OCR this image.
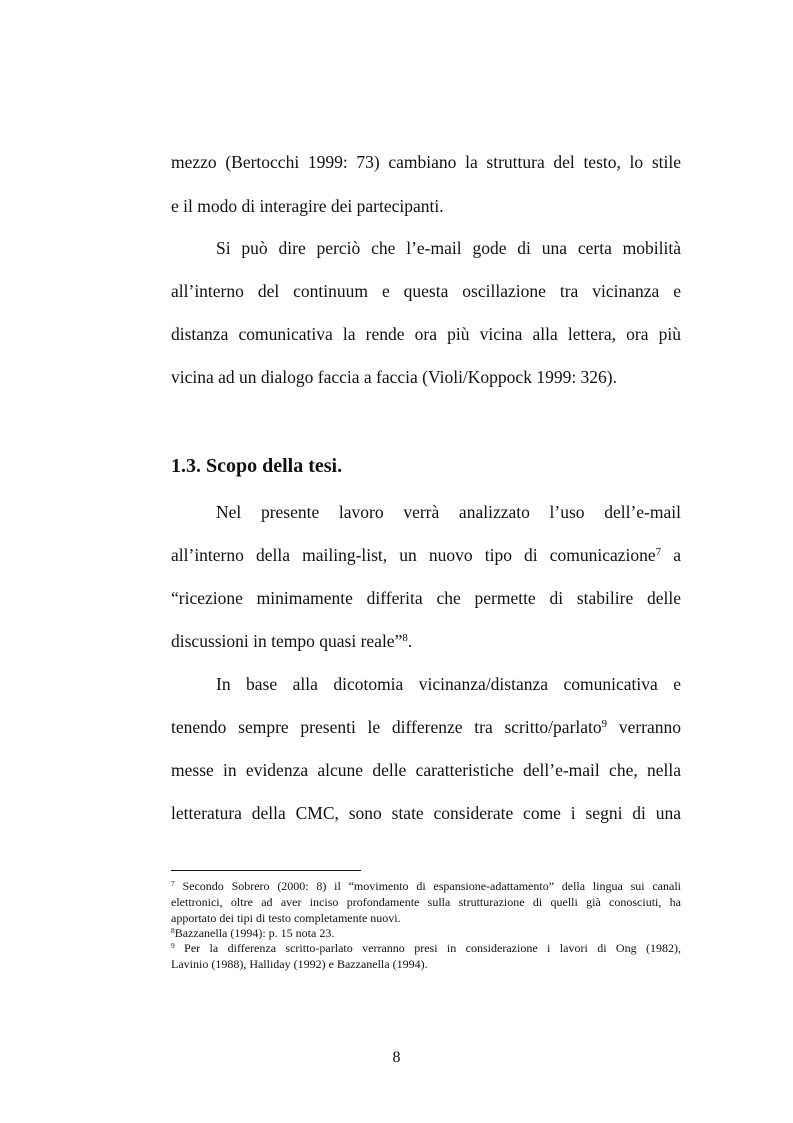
mezzo (Bertocchi 1999: 73) cambiano la struttura del testo, lo stile
e il modo di interagire dei partecipanti.
Si può dire perciò che l’e-mail gode di una certa mobilità
all’interno del continuum e questa oscillazione tra vicinanza e
distanza comunicativa la rende ora più vicina alla lettera, ora più
vicina ad un dialogo faccia a faccia (Violi/Koppock 1999: 326).
1.3. Scopo della tesi.
Nel presente lavoro verrà analizzato l’uso dell’e-mail
all’interno della mailing-list, un nuovo tipo di comunicazione$^7$ a
“ricezione minimamente differita che permette di stabilire delle
discussioni in tempo quasi reale”$^8$.
In base alla dicotomia vicinanza/distanza comunicativa e
tenendo sempre presenti le differenze tra scritto/parlato$^9$ verranno
messe in evidenza alcune delle caratteristiche dell’e-mail che, nella
letteratura della CMC, sono state considerate come i segni di una
$^7$ Secondo Sobrero (2000: 8) il “movimento di espansione-adattamento” della lingua sui canali
elettronici, oltre ad aver inciso profondamente sulla strutturazione di quelli già conosciuti, ha
apportato dei tipi di testo completamente nuovi.
$^8$Bazzanella (1994): p. 15 nota 23.
$^9$ Per la differenza scritto-parlato verranno presi in considerazione i lavori di Ong (1982),
Lavinio (1988), Halliday (1992) e Bazzanella (1994).
8
